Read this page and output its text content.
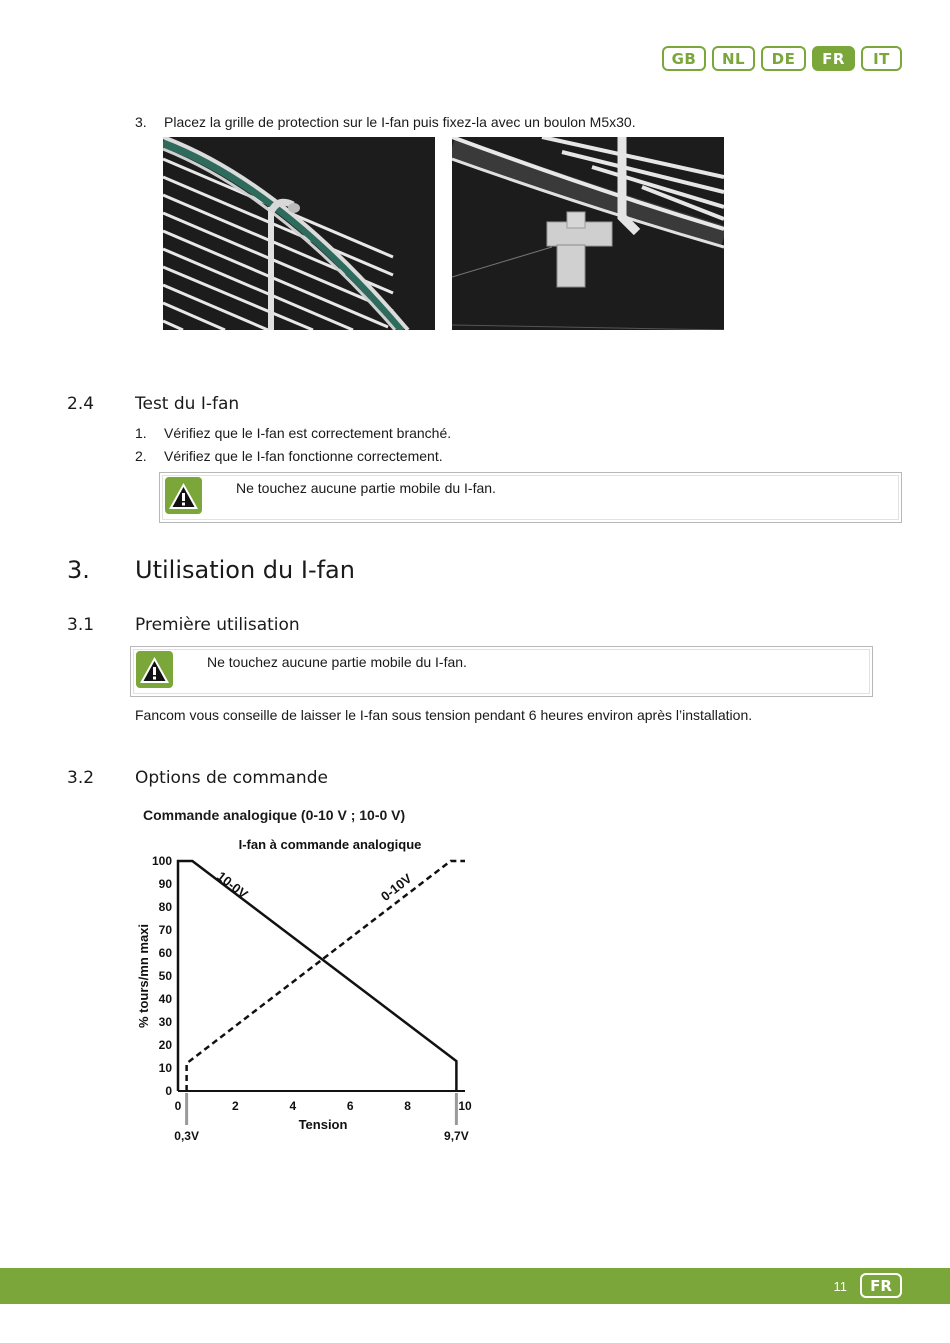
GB	NL	DE	FR	IT
3. Placez la grille de protection sur le I-fan puis fixez-la avec un boulon M5x30.
2.4 Test du I-fan
1. Vérifiez que le I-fan est correctement branché.
2. Vérifiez que le I-fan fonctionne correctement.
Ne touchez aucune partie mobile du I-fan.
3. Utilisation du I-fan
3.1 Première utilisation
Ne touchez aucune partie mobile du I-fan.
Fancom vous conseille de laisser le I-fan sous tension pendant 6 heures environ après l’installation.
3.2 Options de commande
Commande analogique (0-10 V ; 10-0 V)
I-fan à commande analogique
Tension
% tours/mn maxi
0
10
20
30
40
50
60
70
80
90
100
0	2	4	6	8	10
10-0V	0-10V
0,3V	9,7V
11	FR
